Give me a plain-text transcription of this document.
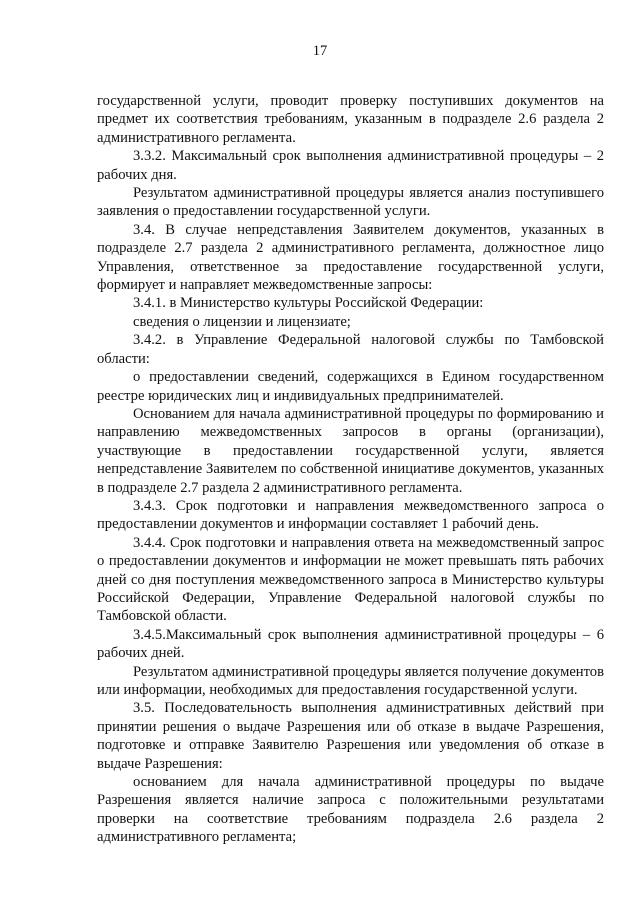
17

государственной услуги, проводит проверку поступивших документов на предмет их соответствия требованиям, указанным в подразделе 2.6 раздела 2 административного регламента.

3.3.2. Максимальный срок выполнения административной процедуры – 2 рабочих дня.

Результатом административной процедуры является анализ поступившего заявления о предоставлении государственной услуги.

3.4. В случае непредставления Заявителем документов, указанных в подразделе 2.7 раздела 2 административного регламента, должностное лицо Управления, ответственное за предоставление государственной услуги, формирует и направляет межведомственные запросы:

3.4.1. в Министерство культуры Российской Федерации:

сведения о лицензии и лицензиате;

3.4.2. в Управление Федеральной налоговой службы по Тамбовской области:

о предоставлении сведений, содержащихся в Едином государственном реестре юридических лиц и индивидуальных предпринимателей.

Основанием для начала административной процедуры по формированию и направлению межведомственных запросов в органы (организации), участвующие в предоставлении государственной услуги, является непредставление Заявителем по собственной инициативе документов, указанных в подразделе 2.7 раздела 2 административного регламента.

3.4.3. Срок подготовки и направления межведомственного запроса о предоставлении документов и информации составляет 1 рабочий день.

3.4.4. Срок подготовки и направления ответа на межведомственный запрос о предоставлении документов и информации не может превышать пять рабочих дней со дня поступления межведомственного запроса в Министерство культуры Российской Федерации, Управление Федеральной налоговой службы по Тамбовской области.

3.4.5.Максимальный срок выполнения административной процедуры – 6 рабочих дней.

Результатом административной процедуры является получение документов или информации, необходимых для предоставления государственной услуги.

3.5. Последовательность выполнения административных действий при принятии решения о выдаче Разрешения или об отказе в выдаче Разрешения, подготовке и отправке Заявителю Разрешения или уведомления об отказе в выдаче Разрешения:

основанием для начала административной процедуры по выдаче Разрешения является наличие запроса с положительными результатами проверки на соответствие требованиям подраздела 2.6 раздела 2 административного регламента;
